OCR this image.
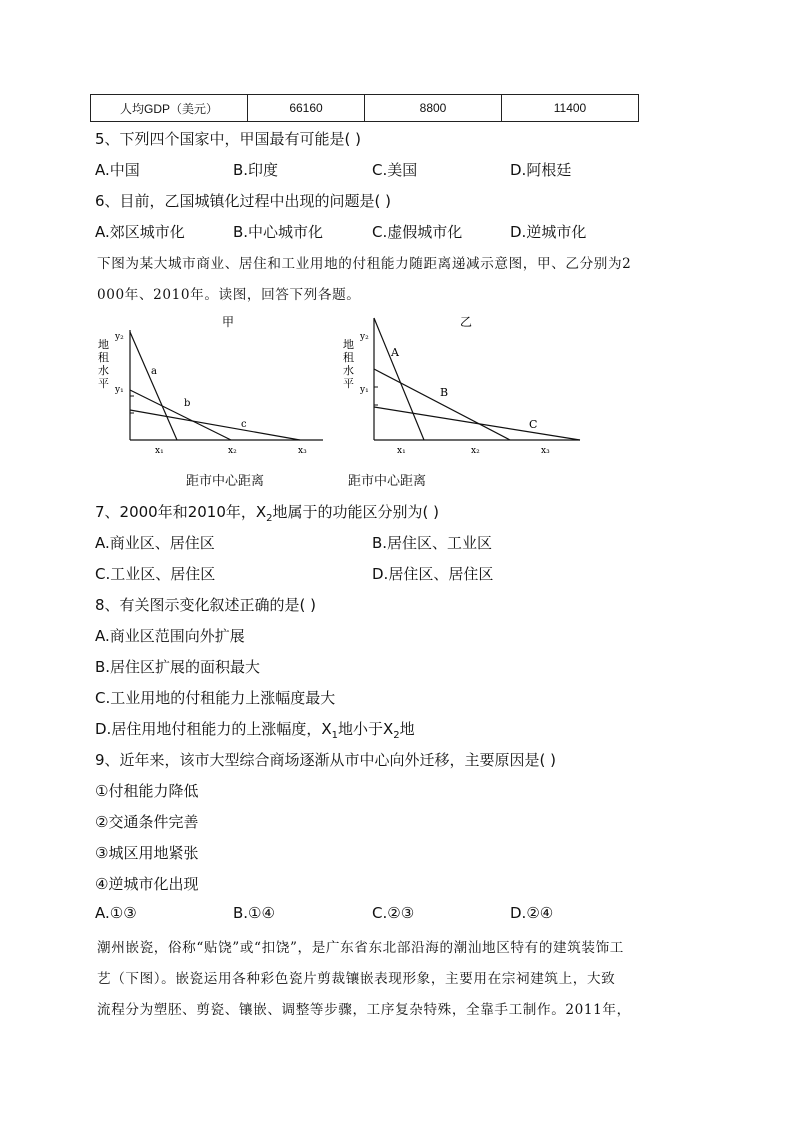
人均GDP（美元）	66160	8800	11400
5、下列四个国家中，甲国最有可能是( )
A.中国	B.印度	C.美国	D.阿根廷
6、目前，乙国城镇化过程中出现的问题是( )
A.郊区城市化	B.中心城市化	C.虚假城市化	D.逆城市化
下图为某大城市商业、居住和工业用地的付租能力随距离递减示意图，甲、乙分别为2
000年、2010年。读图，回答下列各题。
甲
地
租
水
平
y₂
y₁
a
b
c
x₁	x₂	x₃
距市中心距离
乙
地
租
水
平
y₂
y₁
A
B
C
x₁	x₂	x₃
距市中心距离
7、2000年和2010年，$X_2$地属于的功能区分别为( )
A.商业区、居住区	B.居住区、工业区
C.工业区、居住区	D.居住区、居住区
8、有关图示变化叙述正确的是( )
A.商业区范围向外扩展
B.居住区扩展的面积最大
C.工业用地的付租能力上涨幅度最大
D.居住用地付租能力的上涨幅度，$X_1$地小于$X_2$地
9、近年来，该市大型综合商场逐渐从市中心向外迁移，主要原因是( )
①付租能力降低
②交通条件完善
③城区用地紧张
④逆城市化出现
A.①③	B.①④	C.②③	D.②④
潮州嵌瓷，俗称“贴饶”或“扣饶”，是广东省东北部沿海的潮汕地区特有的建筑装饰工
艺（下图）。嵌瓷运用各种彩色瓷片剪裁镶嵌表现形象，主要用在宗祠建筑上，大致
流程分为塑胚、剪瓷、镶嵌、调整等步骤，工序复杂特殊，全靠手工制作。2011年，
